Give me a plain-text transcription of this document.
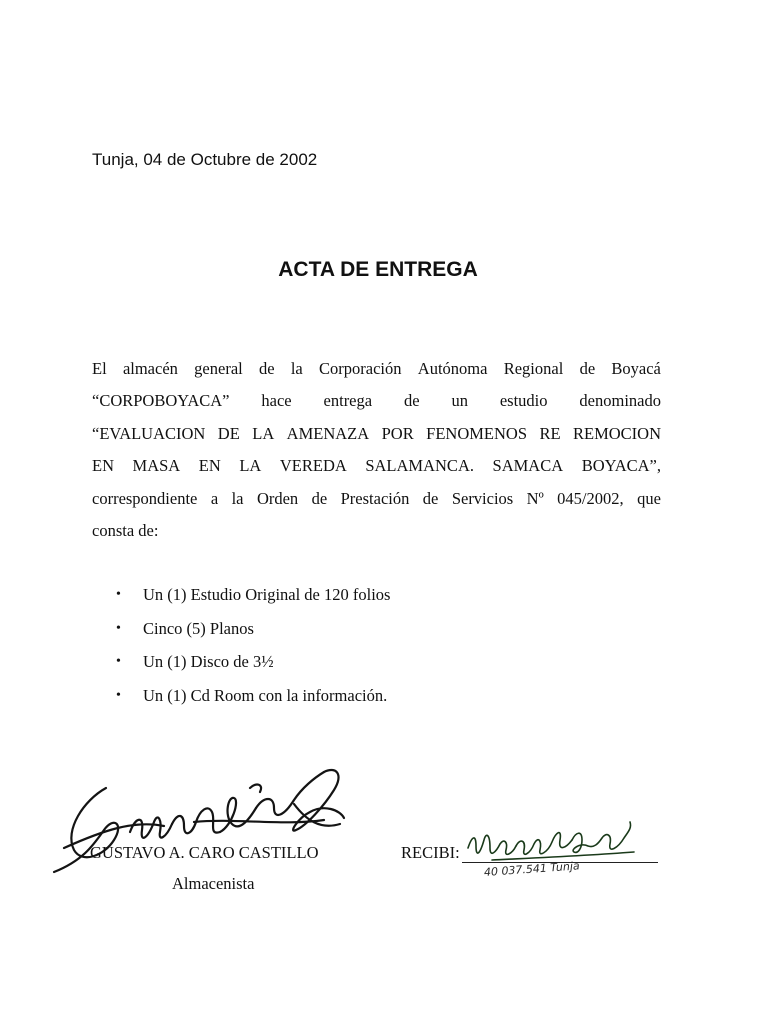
Tunja, 04 de Octubre de 2002
ACTA DE ENTREGA
El almacén general de la Corporación Autónoma Regional de Boyacá
“CORPOBOYACA” hace entrega de un estudio denominado
“EVALUACION DE LA AMENAZA POR FENOMENOS RE REMOCION
EN MASA EN LA VEREDA SALAMANCA. SAMACA BOYACA”,
correspondiente a la Orden de Prestación de Servicios Nº 045/2002, que
consta de:
•	Un (1) Estudio Original de 120 folios
•	Cinco (5) Planos
•	Un (1) Disco de 3½
•	Un (1) Cd Room con la información.
GUSTAVO A. CARO CASTILLO
Almacenista
RECIBI:
40 037.541 Tunja
